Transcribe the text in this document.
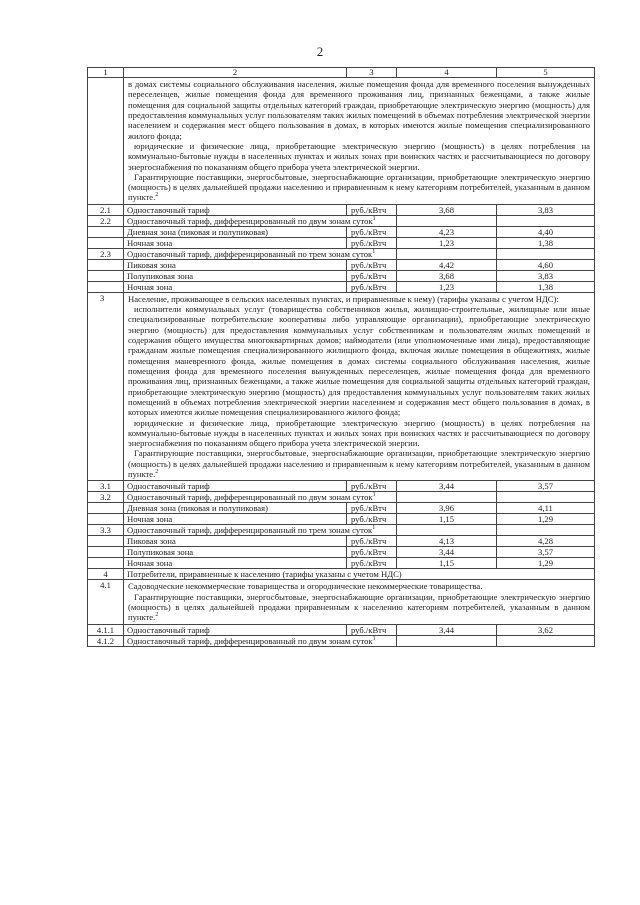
2
1	2	3	4	5

	в домах системы социального обслуживания населения, жилые помещения фонда для временного поселения вынужденных переселенцев, жилые помещения фонда для временного проживания лиц, признанных беженцами, а также жилые помещения для социальной защиты отдельных категорий граждан, приобретающие электрическую энергию (мощность) для предоставления коммунальных услуг пользователям таких жилых помещений в объемах потребления электрической энергии населением и содержания мест общего пользования в домах, в которых имеются жилые помещения специализированного жилого фонда;
юридические и физические лица, приобретающие электрическую энергию (мощность) в целях потребления на коммунально-бытовые нужды в населенных пунктах и жилых зонах при воинских частях и рассчитывающиеся по договору энергоснабжения по показаниям общего прибора учета электрической энергии.
Гарантирующие поставщики, энергосбытовые, энергоснабжающие организации, приобретающие электрическую энергию (мощность) в целях дальнейшей продажи населению и приравненным к нему категориям потребителей, указанным в данном пункте.$^2$

2.1	Одноставочный тариф	руб./кВтч	3,68	3,83
2.2	Одноставочный тариф, дифференцированный по двум зонам суток$^1$		
	Дневная зона (пиковая и полупиковая)	руб./кВтч	4,23	4,40
	Ночная зона	руб./кВтч	1,23	1,38
2.3	Одноставочный тариф, дифференцированный по трем зонам суток$^1$		
	Пиковая зона	руб./кВтч	4,42	4,60
	Полупиковая зона	руб./кВтч	3,68	3,83
	Ночная зона	руб./кВтч	1,23	1,38
3	Население, проживающее в сельских населенных пунктах, и приравненные к нему) (тарифы указаны с учетом НДС):
исполнители коммунальных услуг (товарищества собственников жилья, жилищно-строительные, жилищные или иные специализированные потребительские кооперативы либо управляющие организации), приобретающие электрическую энергию (мощность) для предоставления коммунальных услуг собственникам и пользователям жилых помещений и содержания общего имущества многоквартирных домов; наймодатели (или уполномоченные ими лица), предоставляющие гражданам жилые помещения специализированного жилищного фонда, включая жилые помещения в общежитиях, жилые помещения маневренного фонда, жилые помещения в домах системы социального обслуживания населения, жилые помещения фонда для временного поселения вынужденных переселенцев, жилые помещения фонда для временного проживания лиц, признанных беженцами, а также жилые помещения для социальной защиты отдельных категорий граждан, приобретающие электрическую энергию (мощность) для предоставления коммунальных услуг пользователям таких жилых помещений в объемах потребления электрической энергии населением и содержания мест общего пользования в домах, в которых имеются жилые помещения специализированного жилого фонда;
юридические и физические лица, приобретающие электрическую энергию (мощность) в целях потребления на коммунально-бытовые нужды в населенных пунктах и жилых зонах при воинских частях и рассчитывающиеся по договору энергоснабжения по показаниям общего прибора учета электрической энергии.
Гарантирующие поставщики, энергосбытовые, энергоснабжающие организации, приобретающие электрическую энергию (мощность) в целях дальнейшей продажи населению и приравненным к нему категориям потребителей, указанным в данном пункте.$^2$

3.1	Одноставочный тариф	руб./кВтч	3,44	3,57
3.2	Одноставочный тариф, дифференцированный по двум зонам суток$^1$		
	Дневная зона (пиковая и полупиковая)	руб./кВтч	3,96	4,11
	Ночная зона	руб./кВтч	1,15	1,29
3.3	Одноставочный тариф, дифференцированный по трем зонам суток$^1$		
	Пиковая зона	руб./кВтч	4,13	4,28
	Полупиковая зона	руб./кВтч	3,44	3,57
	Ночная зона	руб./кВтч	1,15	1,29
4	Потребители, приравненные к населению (тарифы указаны с учетом НДС)			
4.1	Садоводческие некоммерческие товарищества и огороднические некоммерческие товарищества.
Гарантирующие поставщики, энергосбытовые, энергоснабжающие организации, приобретающие электрическую энергию (мощность) в целях дальнейшей продажи приравненным к населению категориям потребителей, указанным в данном пункте.$^2$

4.1.1	Одноставочный тариф	руб./кВтч	3,44	3,62
4.1.2	Одноставочный тариф, дифференцированный по двум зонам суток$^1$		
